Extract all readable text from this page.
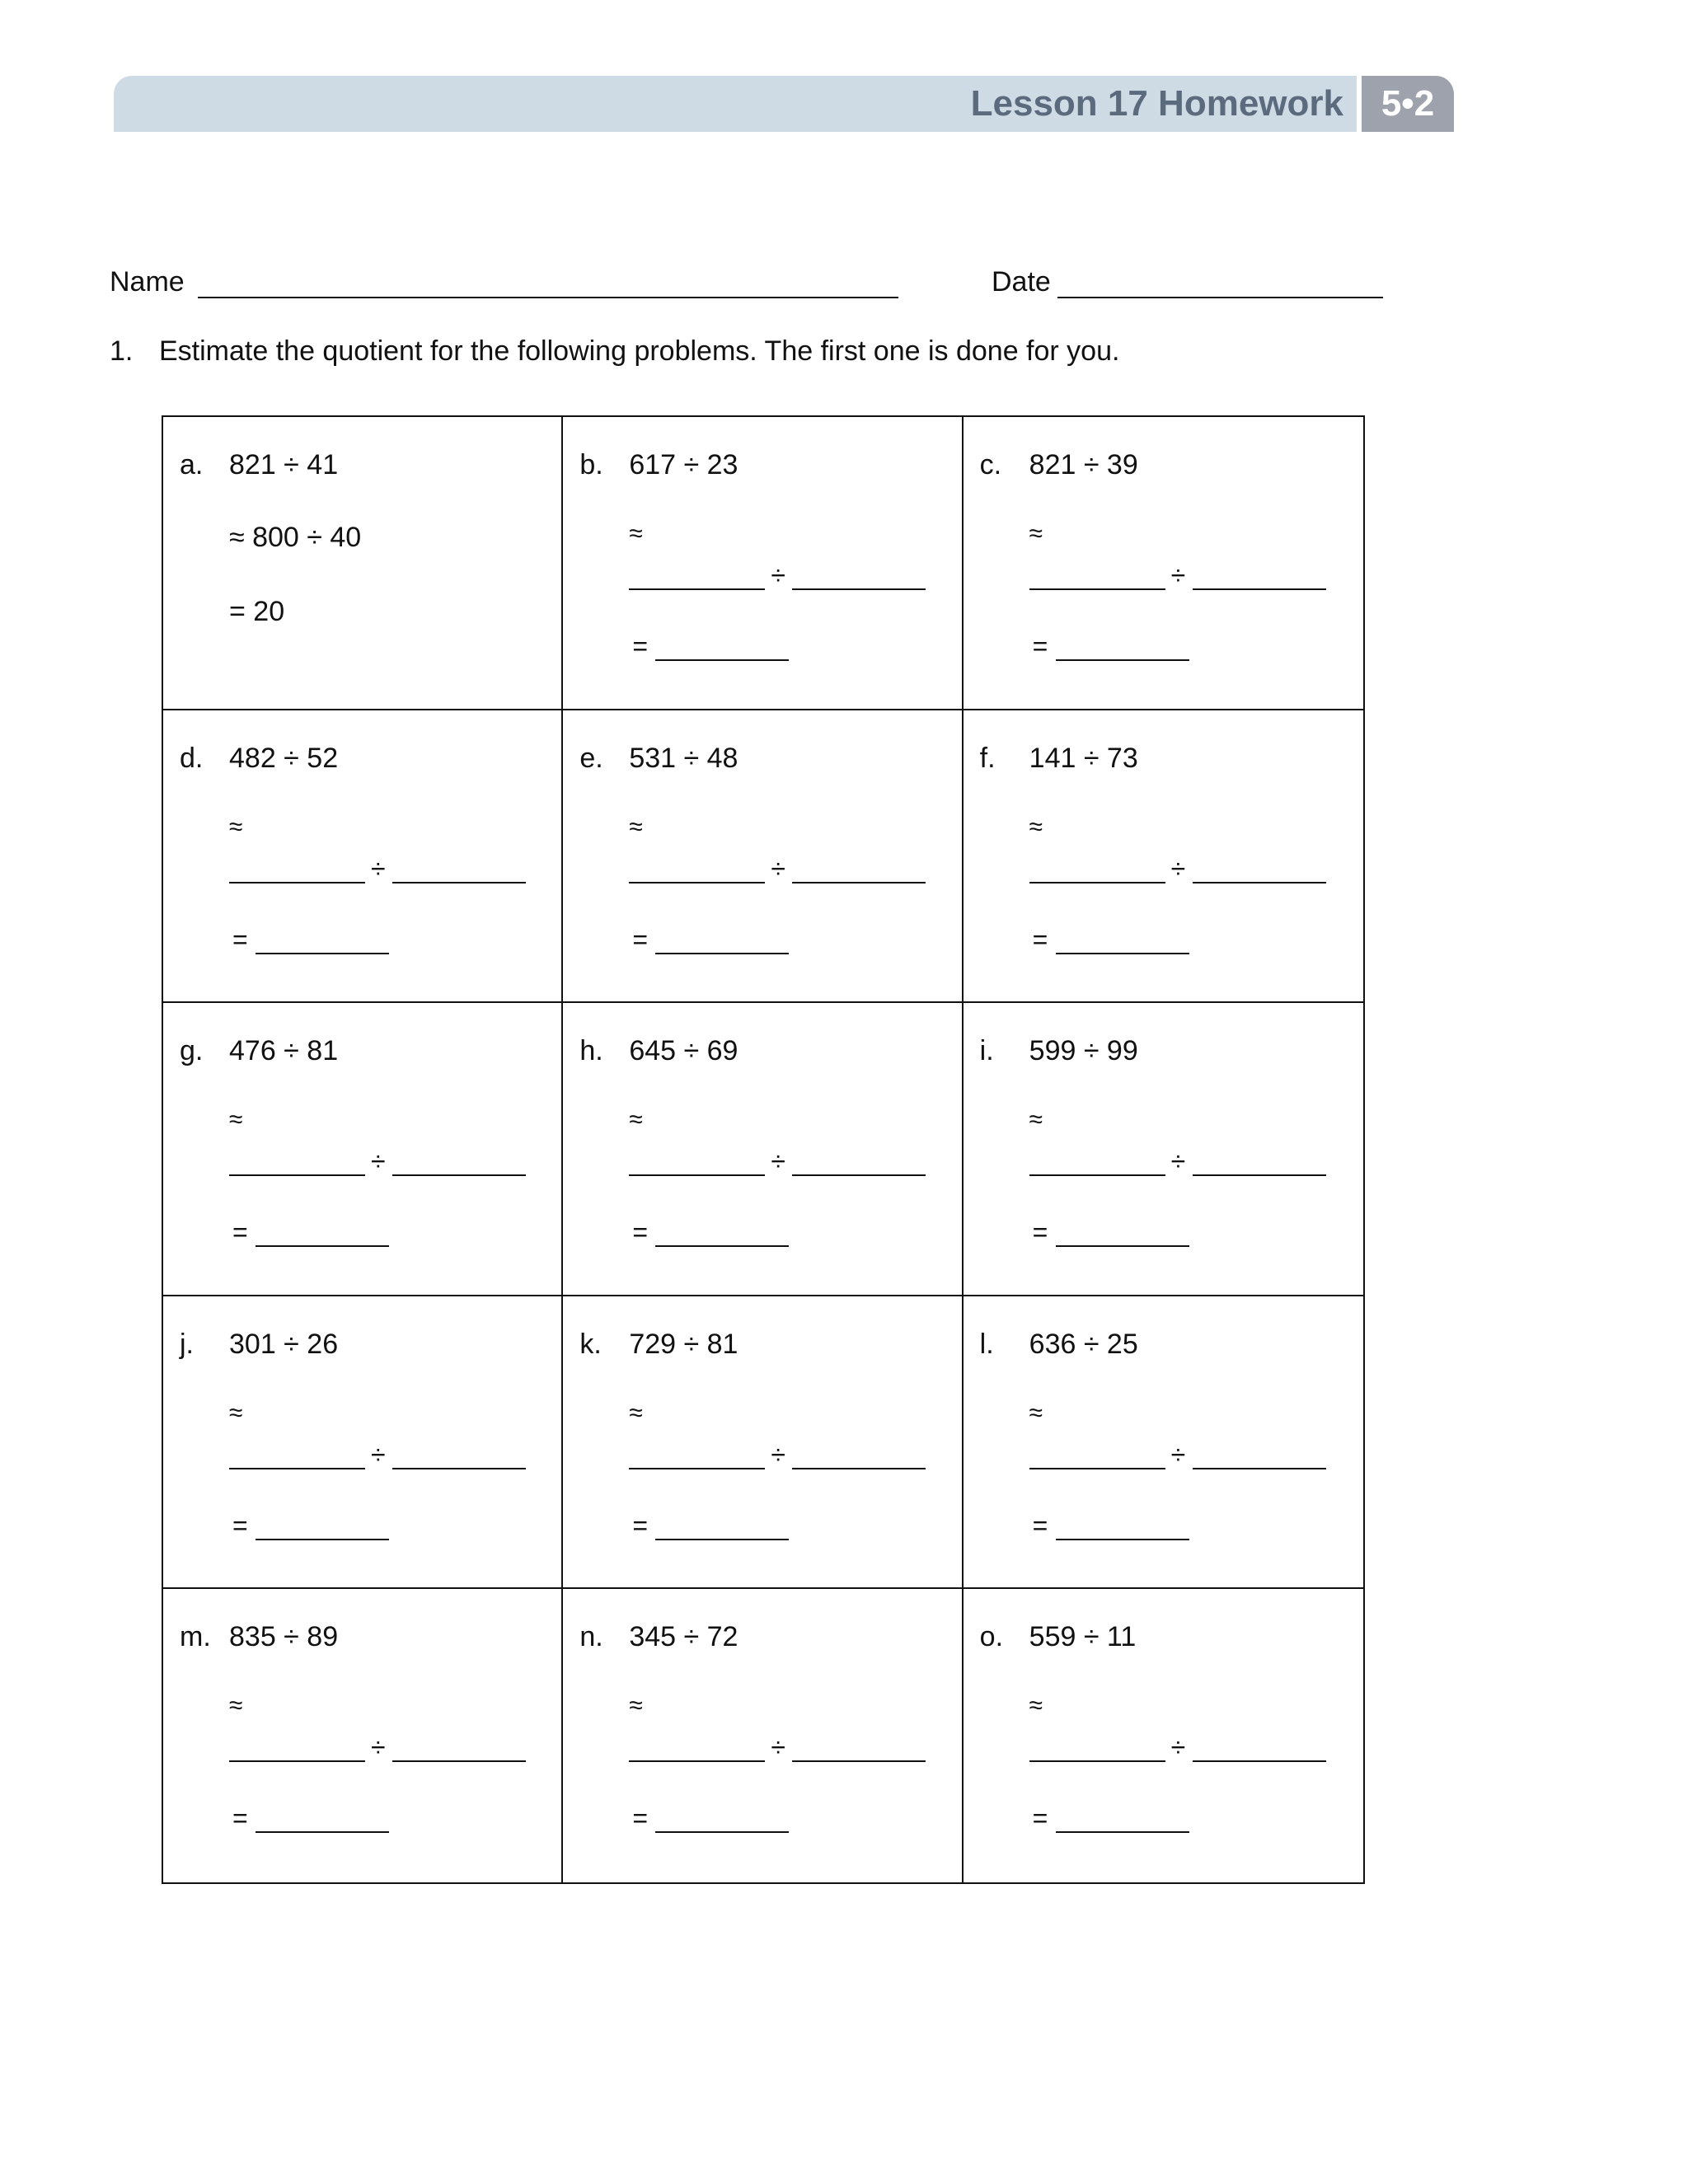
Lesson 17 Homework	5•2
Name	Date
1. Estimate the quotient for the following problems. The first one is done for you.
a. 821 ÷ 41
≈ 800 ÷ 40
= 20
b. 617 ÷ 23
≈
÷
=
c. 821 ÷ 39
≈
÷
=
d. 482 ÷ 52
≈
÷
=
e. 531 ÷ 48
≈
÷
=
f. 141 ÷ 73
≈
÷
=
g. 476 ÷ 81
≈
÷
=
h. 645 ÷ 69
≈
÷
=
i. 599 ÷ 99
≈
÷
=
j. 301 ÷ 26
≈
÷
=
k. 729 ÷ 81
≈
÷
=
l. 636 ÷ 25
≈
÷
=
m. 835 ÷ 89
≈
÷
=
n. 345 ÷ 72
≈
÷
=
o. 559 ÷ 11
≈
÷
=
